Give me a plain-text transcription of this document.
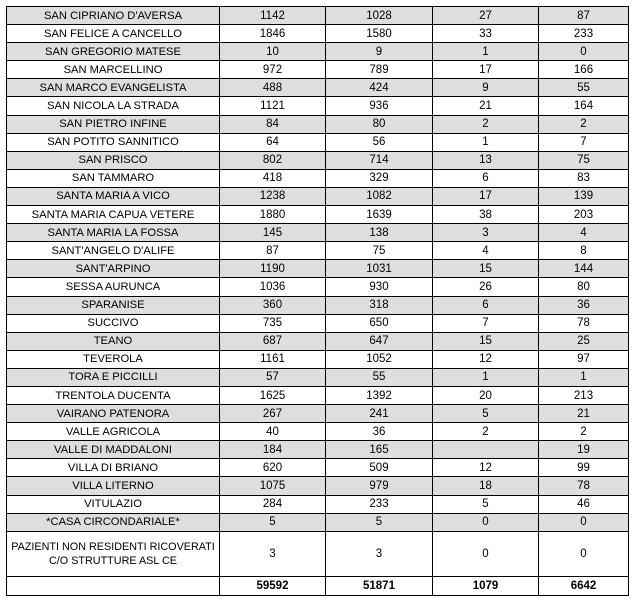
SAN CIPRIANO D'AVERSA	1142	1028	27	87
SAN FELICE A CANCELLO	1846	1580	33	233
SAN GREGORIO MATESE	10	9	1	0
SAN MARCELLINO	972	789	17	166
SAN MARCO EVANGELISTA	488	424	9	55
SAN NICOLA LA STRADA	1121	936	21	164
SAN PIETRO INFINE	84	80	2	2
SAN POTITO SANNITICO	64	56	1	7
SAN PRISCO	802	714	13	75
SAN TAMMARO	418	329	6	83
SANTA MARIA A VICO	1238	1082	17	139
SANTA MARIA CAPUA VETERE	1880	1639	38	203
SANTA MARIA LA FOSSA	145	138	3	4
SANT'ANGELO D'ALIFE	87	75	4	8
SANT'ARPINO	1190	1031	15	144
SESSA AURUNCA	1036	930	26	80
SPARANISE	360	318	6	36
SUCCIVO	735	650	7	78
TEANO	687	647	15	25
TEVEROLA	1161	1052	12	97
TORA E PICCILLI	57	55	1	1
TRENTOLA DUCENTA	1625	1392	20	213
VAIRANO PATENORA	267	241	5	21
VALLE AGRICOLA	40	36	2	2
VALLE DI MADDALONI	184	165		19
VILLA DI BRIANO	620	509	12	99
VILLA LITERNO	1075	979	18	78
VITULAZIO	284	233	5	46
*CASA CIRCONDARIALE*	5	5	0	0
PAZIENTI NON RESIDENTI RICOVERATI C/O STRUTTURE ASL CE	3	3	0	0
	59592	51871	1079	6642
